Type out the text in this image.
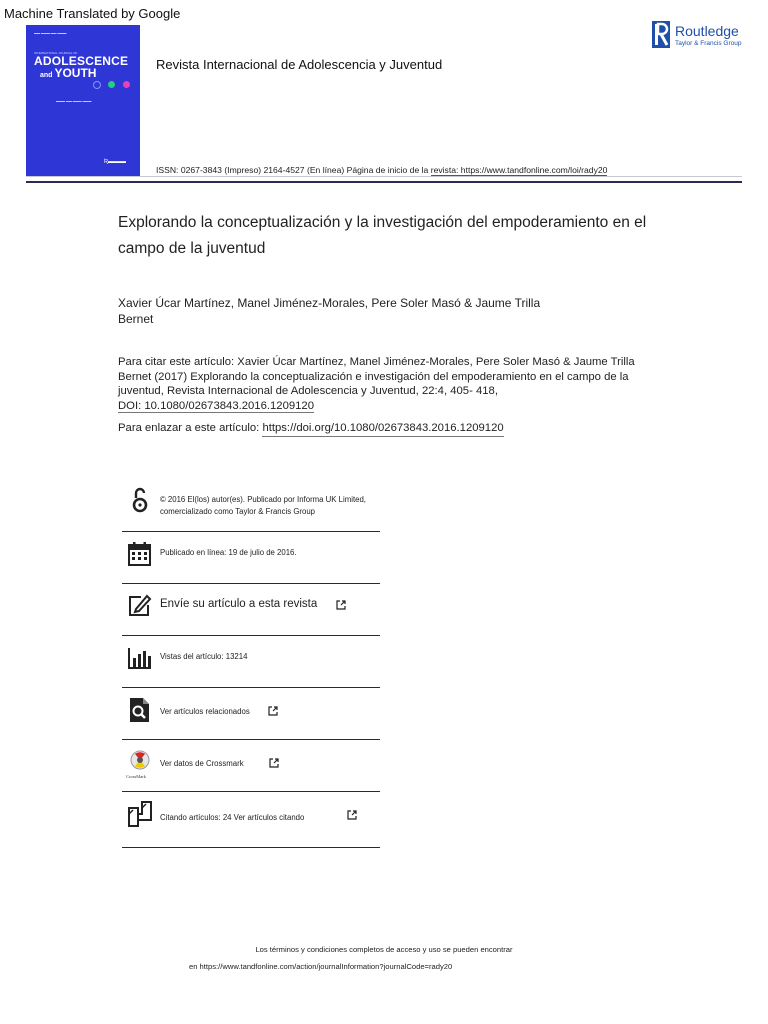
Machine Translated by Google
▬▬ ▬▬▬ ▬▬ ▬▬▬
INTERNATIONAL JOURNAL OF
ADOLESCENCE
and YOUTH
▬▬▬ ▬▬ ▬▬▬ ▬▬▬
Ʀ▬▬▬
Revista Internacional de Adolescencia y Juventud
ISSN: 0267-3843 (Impreso) 2164-4527 (En línea) Página de inicio de la revista: https://www.tandfonline.com/loi/rady20
Routledge
Taylor & Francis Group
Explorando la conceptualización y la investigación del empoderamiento en el campo de la juventud
Xavier Úcar Martínez, Manel Jiménez-Morales, Pere Soler Masó & Jaume Trilla Bernet
Para citar este artículo: Xavier Úcar Martínez, Manel Jiménez-Morales, Pere Soler Masó & Jaume Trilla Bernet (2017) Explorando la conceptualización e investigación del empoderamiento en el campo de la juventud, Revista Internacional de Adolescencia y Juventud, 22:4, 405- 418,
DOI: 10.1080/02673843.2016.1209120
Para enlazar a este artículo: https://doi.org/10.1080/02673843.2016.1209120
© 2016 El(los) autor(es). Publicado por Informa UK Limited,
comercializado como Taylor & Francis Group
Publicado en línea: 19 de julio de 2016.
Envíe su artículo a esta revista
Vistas del artículo: 13214
Ver artículos relacionados
CrossMark
Ver datos de Crossmark
Citando artículos: 24 Ver artículos citando
Los términos y condiciones completos de acceso y uso se pueden encontrar
en https://www.tandfonline.com/action/journalInformation?journalCode=rady20
